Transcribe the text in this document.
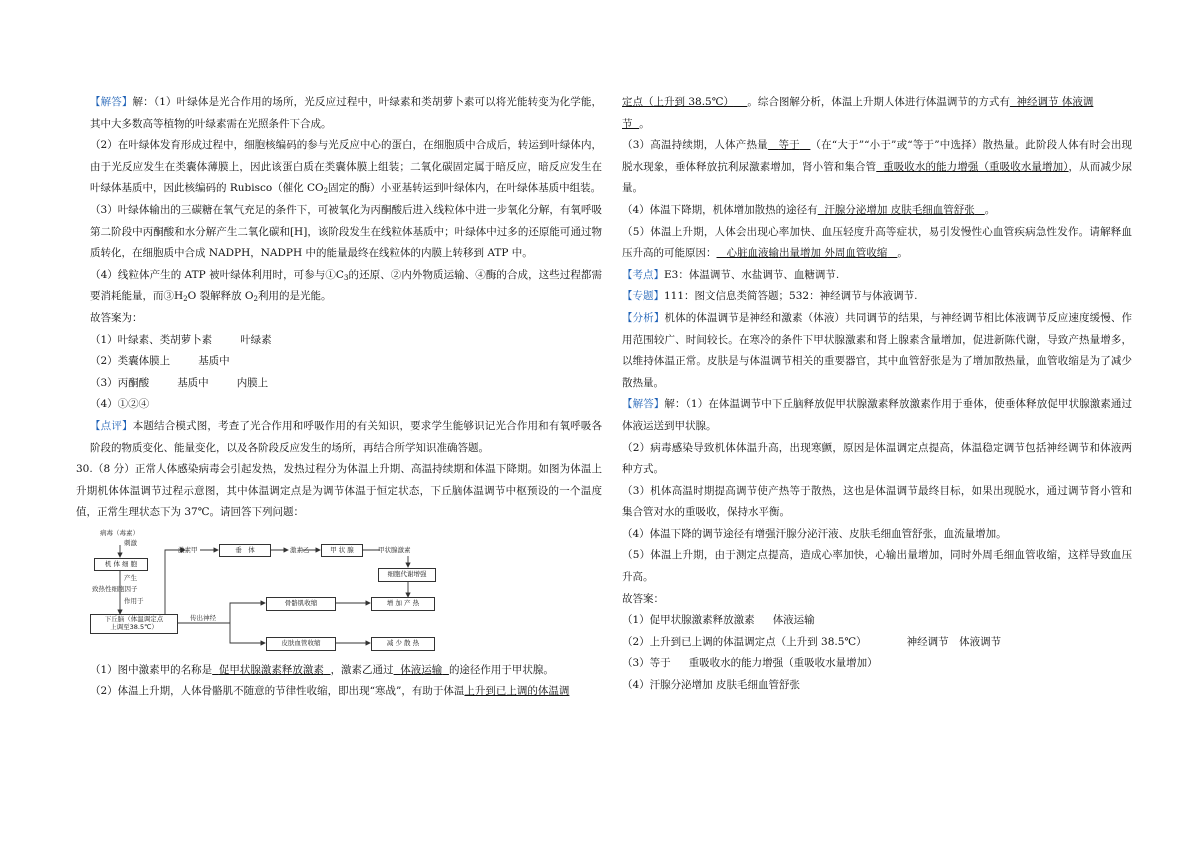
【解答】解：（1）叶绿体是光合作用的场所，光反应过程中，叶绿素和类胡萝卜素可以将光能转变为化学能，其中大多数高等植物的叶绿素需在光照条件下合成。

（2）在叶绿体发育形成过程中，细胞核编码的参与光反应中心的蛋白，在细胞质中合成后，转运到叶绿体内，由于光反应发生在类囊体薄膜上，因此该蛋白质在类囊体膜上组装；二氧化碳固定属于暗反应，暗反应发生在叶绿体基质中，因此核编码的 Rubisco（催化 $CO_2$固定的酶）小亚基转运到叶绿体内，在叶绿体基质中组装。

（3）叶绿体输出的三碳糖在氧气充足的条件下，可被氧化为丙酮酸后进入线粒体中进一步氧化分解，有氧呼吸第二阶段中丙酮酸和水分解产生二氧化碳和[H]，该阶段发生在线粒体基质中；叶绿体中过多的还原能可通过物质转化，在细胞质中合成 NADPH，NADPH 中的能量最终在线粒体的内膜上转移到 ATP 中。

（4）线粒体产生的 ATP 被叶绿体利用时，可参与$①C_3$的还原、②内外物质运输、④酶的合成，这些过程都需要消耗能量，而$③H_2O$ 裂解释放 $O_2$利用的是光能。

故答案为：

（1）叶绿素、类胡萝卜素	叶绿素

（2）类囊体膜上	基质中

（3）丙酮酸	基质中	内膜上

（4）①②④

【点评】本题结合模式图，考查了光合作用和呼吸作用的有关知识，要求学生能够识记光合作用和有氧呼吸各阶段的物质变化、能量变化，以及各阶段反应发生的场所，再结合所学知识准确答题。

30.（8 分）正常人体感染病毒会引起发热，发热过程分为体温上升期、高温持续期和体温下降期。如图为体温上升期机体体温调节过程示意图，其中体温调定点是为调节体温于恒定状态，下丘脑体温调节中枢预设的一个温度值，正常生理状态下为 37℃。请回答下列问题：

病毒（毒素）
刺激
机 体 细 胞
产生
致热性细胞因子
作用于
下丘脑（体温调定点
上调至38.5℃）
激素甲	垂　体	激素乙	甲 状 腺	甲状腺激素
细胞代谢增强
传出神经
骨骼肌收缩	增 加 产 热
皮肤血管收缩	减 少 散 热

（1）图中激素甲的名称是 促甲状腺激素释放激素 ，激素乙通过 体液运输 的途径作用于甲状腺。

（2）体温上升期，人体骨骼肌不随意的节律性收缩，即出现“寒战”，有助于体温上升到已上调的体温调

定点（上升到 38.5℃） 。综合图解分析，体温上升期人体进行体温调节的方式有 神经调节 体液调
节 。

（3）高温持续期，人体产热量 等于 （在“大于”“小于”或“等于”中选择）散热量。此阶段人体有时会出现脱水现象，垂体释放抗利尿激素增加，肾小管和集合管 重吸收水的能力增强（重吸收水量增加），从而减少尿量。

（4）体温下降期，机体增加散热的途径有 汗腺分泌增加 皮肤毛细血管舒张 。

（5）体温上升期，人体会出现心率加快、血压轻度升高等症状，易引发慢性心血管疾病急性发作。请解释血压升高的可能原因： 心脏血液输出量增加 外周血管收缩 。

【考点】E3：体温调节、水盐调节、血糖调节.

【专题】111：图文信息类简答题；532：神经调节与体液调节.

【分析】机体的体温调节是神经和激素（体液）共同调节的结果，与神经调节相比体液调节反应速度缓慢、作用范围较广、时间较长。在寒冷的条件下甲状腺激素和肾上腺素含量增加，促进新陈代谢，导致产热量增多，以维持体温正常。皮肤是与体温调节相关的重要器官，其中血管舒张是为了增加散热量，血管收缩是为了减少散热量。

【解答】解：（1）在体温调节中下丘脑释放促甲状腺激素释放激素作用于垂体，使垂体释放促甲状腺激素通过体液运送到甲状腺。

（2）病毒感染导致机体体温升高，出现寒颤，原因是体温调定点提高，体温稳定调节包括神经调节和体液两种方式。

（3）机体高温时期提高调节使产热等于散热，这也是体温调节最终目标，如果出现脱水，通过调节肾小管和集合管对水的重吸收，保持水平衡。

（4）体温下降的调节途径有增强汗腺分泌汗液、皮肤毛细血管舒张，血流量增加。

（5）体温上升期，由于测定点提高，造成心率加快，心输出量增加，同时外周毛细血管收缩，这样导致血压升高。

故答案：

（1）促甲状腺激素释放激素 体液运输

（2）上升到已上调的体温调定点（上升到 38.5℃）	神经调节　体液调节

（3）等于 重吸收水的能力增强（重吸收水量增加）

（4）汗腺分泌增加 皮肤毛细血管舒张
